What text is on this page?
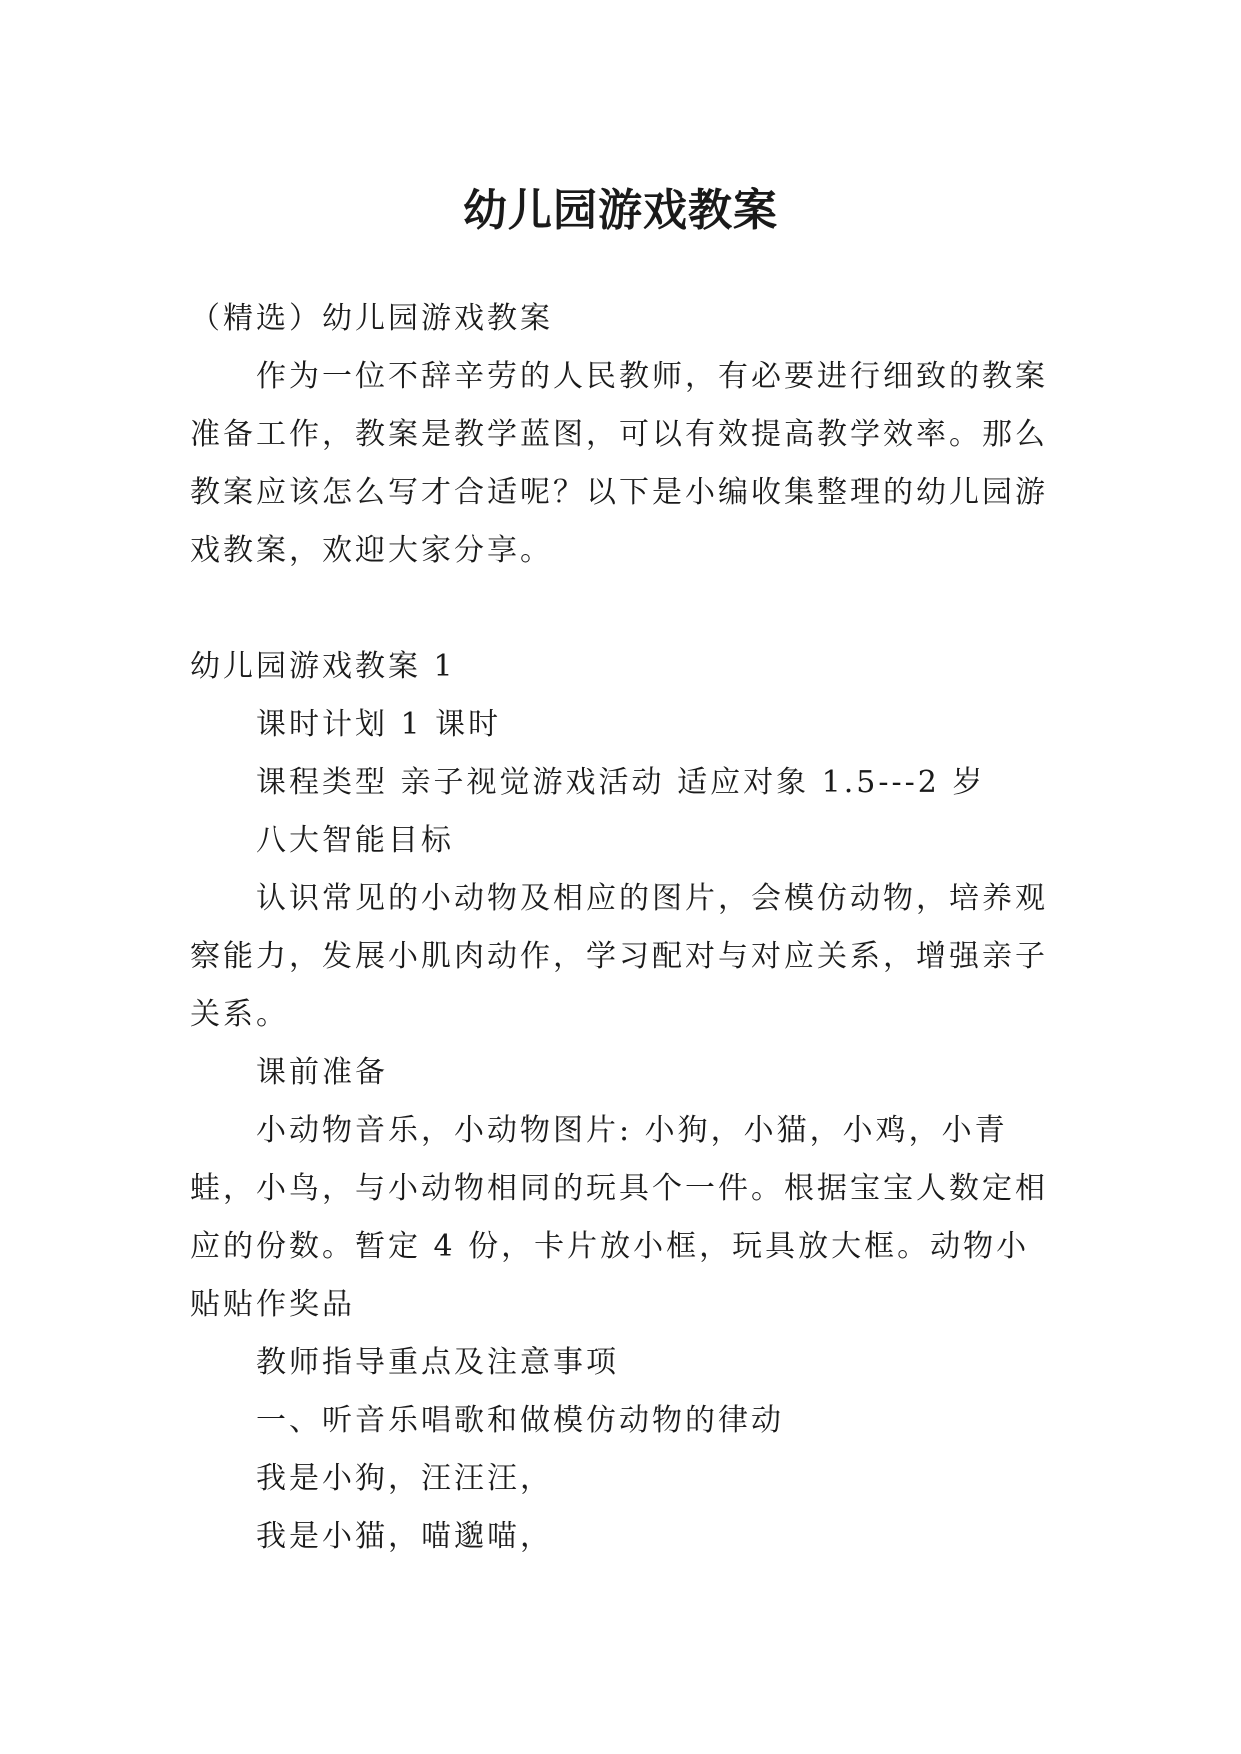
幼儿园游戏教案

（精选）幼儿园游戏教案

作为一位不辞辛劳的人民教师，有必要进行细致的教案准备工作，教案是教学蓝图，可以有效提高教学效率。那么教案应该怎么写才合适呢？以下是小编收集整理的幼儿园游戏教案，欢迎大家分享。

幼儿园游戏教案 1

课时计划 1 课时

课程类型 亲子视觉游戏活动 适应对象 1.5---2 岁

八大智能目标

认识常见的小动物及相应的图片，会模仿动物，培养观察能力，发展小肌肉动作，学习配对与对应关系，增强亲子关系。

课前准备

小动物音乐，小动物图片: 小狗，小猫，小鸡，小青蛙，小鸟，与小动物相同的玩具个一件。根据宝宝人数定相应的份数。暂定 4 份，卡片放小框，玩具放大框。动物小贴贴作奖品

教师指导重点及注意事项

一、听音乐唱歌和做模仿动物的律动

我是小狗，汪汪汪，

我是小猫，喵邈喵，
